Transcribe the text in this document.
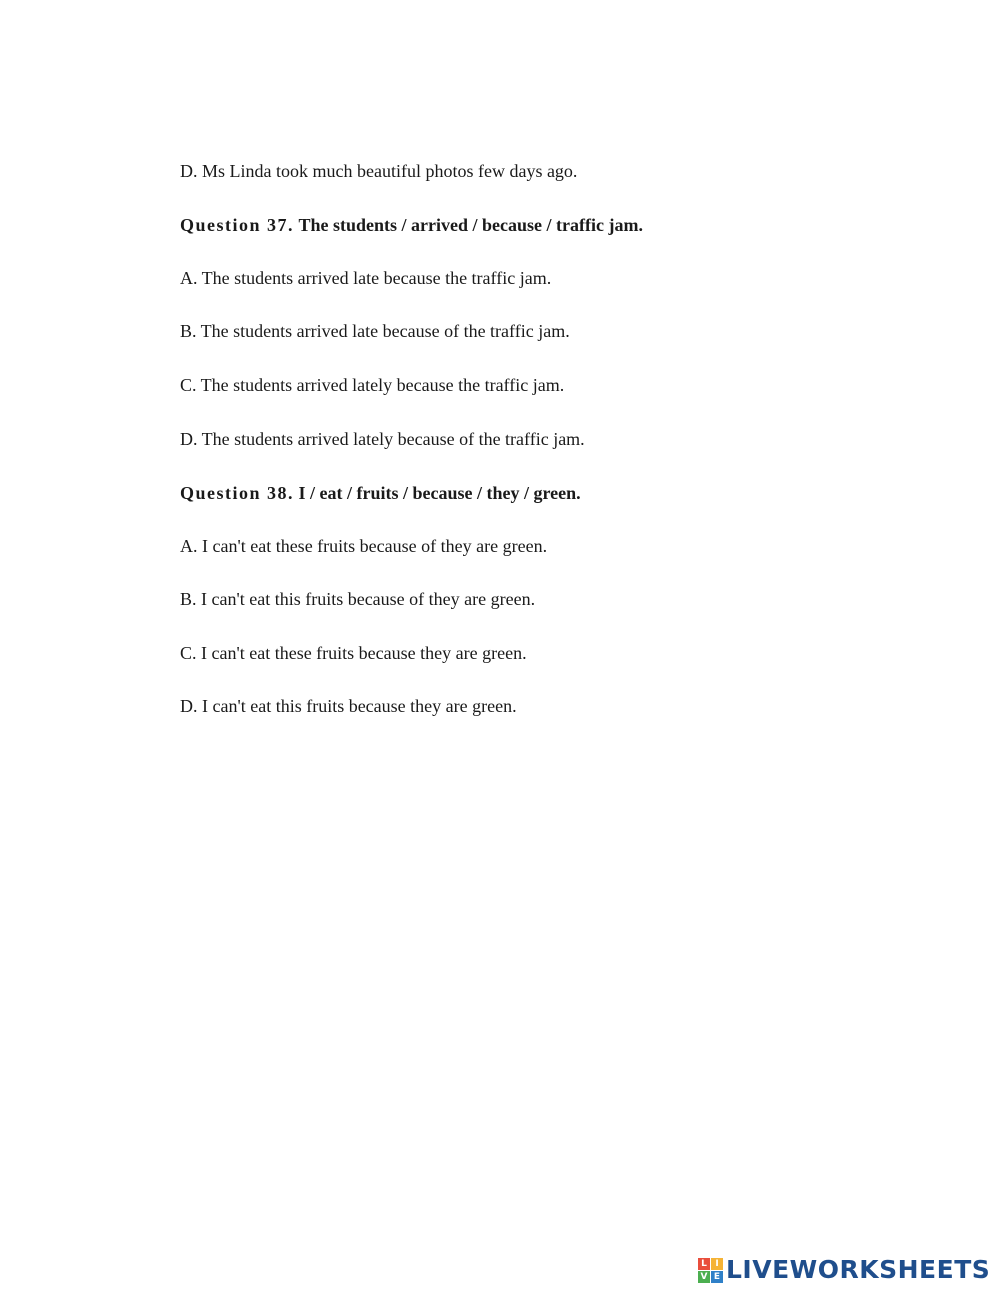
D. Ms Linda took much beautiful photos few days ago.
Question 37. The students / arrived / because / traffic jam.
A. The students arrived late because the traffic jam.
B. The students arrived late because of the traffic jam.
C. The students arrived lately because the traffic jam.
D. The students arrived lately because of the traffic jam.
Question 38. I / eat / fruits / because / they / green.
A. I can't eat these fruits because of they are green.
B. I can't eat this fruits because of they are green.
C. I can't eat these fruits because they are green.
D. I can't eat this fruits because they are green.
L I
V E LIVEWORKSHEETS
